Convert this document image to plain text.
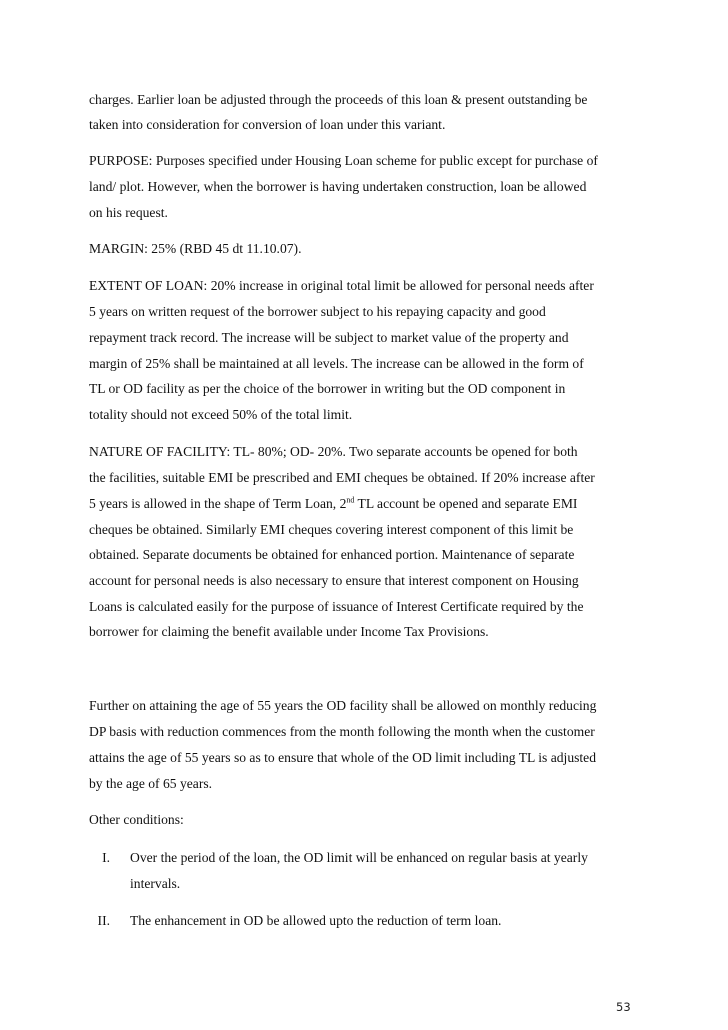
charges. Earlier loan be adjusted through the proceeds of this loan & present outstanding be
taken into consideration for conversion of loan under this variant.
PURPOSE: Purposes specified under Housing Loan scheme for public except for purchase of
land/ plot. However, when the borrower is having undertaken construction, loan be allowed
on his request.
MARGIN: 25% (RBD 45 dt 11.10.07).
EXTENT OF LOAN: 20% increase in original total limit be allowed for personal needs after
5 years on written request of the borrower subject to his repaying capacity and good
repayment track record. The increase will be subject to market value of the property and
margin of 25% shall be maintained at all levels. The increase can be allowed in the form of
TL or OD facility as per the choice of the borrower in writing but the OD component in
totality should not exceed 50% of the total limit.
NATURE OF FACILITY: TL- 80%; OD- 20%. Two separate accounts be opened for both
the facilities, suitable EMI be prescribed and EMI cheques be obtained. If 20% increase after
5 years is allowed in the shape of Term Loan, 2nd TL account be opened and separate EMI
cheques be obtained. Similarly EMI cheques covering interest component of this limit be
obtained. Separate documents be obtained for enhanced portion. Maintenance of separate
account for personal needs is also necessary to ensure that interest component on Housing
Loans is calculated easily for the purpose of issuance of Interest Certificate required by the
borrower for claiming the benefit available under Income Tax Provisions.
Further on attaining the age of 55 years the OD facility shall be allowed on monthly reducing
DP basis with reduction commences from the month following the month when the customer
attains the age of 55 years so as to ensure that whole of the OD limit including TL is adjusted
by the age of 65 years.
Other conditions:
I. Over the period of the loan, the OD limit will be enhanced on regular basis at yearly
intervals.
II. The enhancement in OD be allowed upto the reduction of term loan.
53
